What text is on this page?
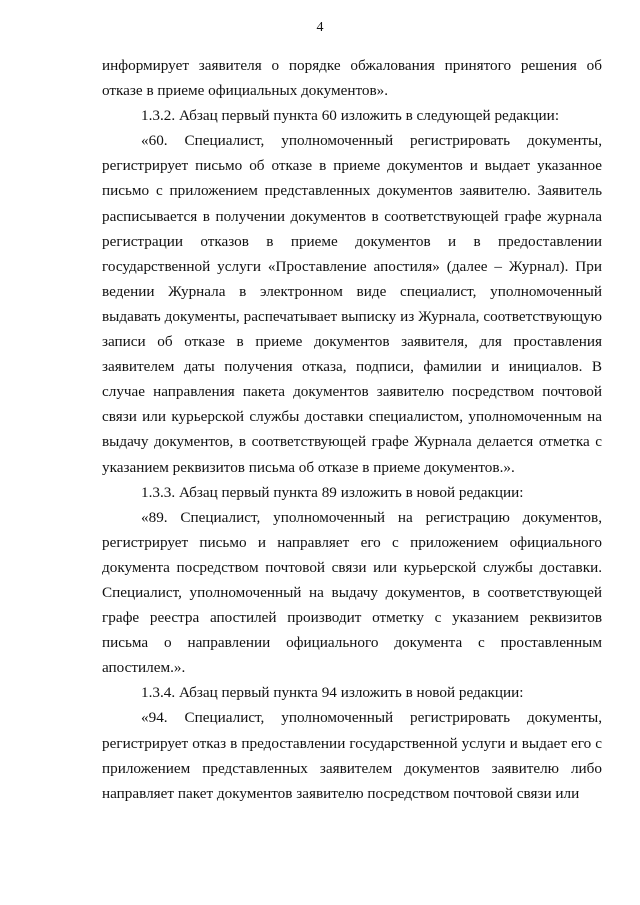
4

информирует заявителя о порядке обжалования принятого решения об отказе в приеме официальных документов».

1.3.2. Абзац первый пункта 60 изложить в следующей редакции:

«60. Специалист, уполномоченный регистрировать документы, регистрирует письмо об отказе в приеме документов и выдает указанное письмо с приложением представленных документов заявителю. Заявитель расписывается в получении документов в соответствующей графе журнала регистрации отказов в приеме документов и в предоставлении государственной услуги «Проставление апостиля» (далее – Журнал). При ведении Журнала в электронном виде специалист, уполномоченный выдавать документы, распечатывает выписку из Журнала, соответствующую записи об отказе в приеме документов заявителя, для проставления заявителем даты получения отказа, подписи, фамилии и инициалов. В случае направления пакета документов заявителю посредством почтовой связи или курьерской службы доставки специалистом, уполномоченным на выдачу документов, в соответствующей графе Журнала делается отметка с указанием реквизитов письма об отказе в приеме документов.».

1.3.3. Абзац первый пункта 89 изложить в новой редакции:

«89. Специалист, уполномоченный на регистрацию документов, регистрирует письмо и направляет его с приложением официального документа посредством почтовой связи или курьерской службы доставки. Специалист, уполномоченный на выдачу документов, в соответствующей графе реестра апостилей производит отметку с указанием реквизитов письма о направлении официального документа с проставленным апостилем.».

1.3.4. Абзац первый пункта 94 изложить в новой редакции:

«94. Специалист, уполномоченный регистрировать документы, регистрирует отказ в предоставлении государственной услуги и выдает его с приложением представленных заявителем документов заявителю либо направляет пакет документов заявителю посредством почтовой связи или
